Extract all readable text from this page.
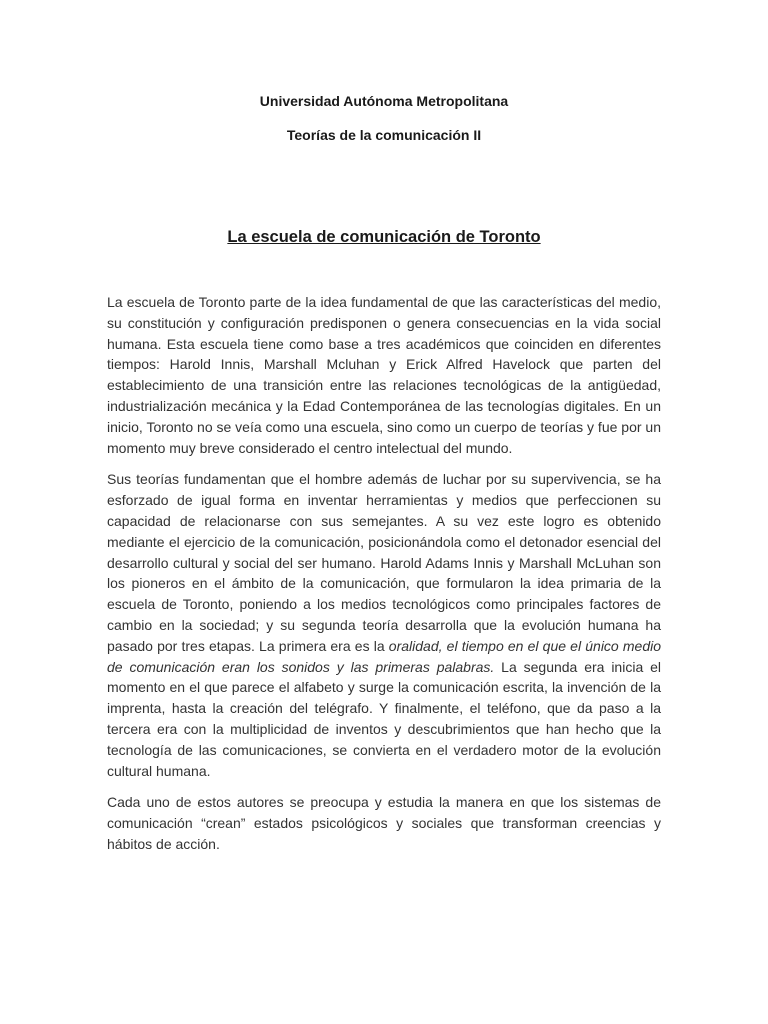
Universidad Autónoma Metropolitana
Teorías de la comunicación II
La escuela de comunicación de Toronto

La escuela de Toronto parte de la idea fundamental de que las características del medio, su constitución y configuración predisponen o genera consecuencias en la vida social humana. Esta escuela tiene como base a tres académicos que coinciden en diferentes tiempos: Harold Innis, Marshall Mcluhan y Erick Alfred Havelock que parten del establecimiento de una transición entre las relaciones tecnológicas de la antigüedad, industrialización mecánica y la Edad Contemporánea de las tecnologías digitales. En un inicio, Toronto no se veía como una escuela, sino como un cuerpo de teorías y fue por un momento muy breve considerado el centro intelectual del mundo.

Sus teorías fundamentan que el hombre además de luchar por su supervivencia, se ha esforzado de igual forma en inventar herramientas y medios que perfeccionen su capacidad de relacionarse con sus semejantes. A su vez este logro es obtenido mediante el ejercicio de la comunicación, posicionándola como el detonador esencial del desarrollo cultural y social del ser humano. Harold Adams Innis y Marshall McLuhan son los pioneros en el ámbito de la comunicación, que formularon la idea primaria de la escuela de Toronto, poniendo a los medios tecnológicos como principales factores de cambio en la sociedad; y su segunda teoría desarrolla que la evolución humana ha pasado por tres etapas. La primera era es la oralidad, el tiempo en el que el único medio de comunicación eran los sonidos y las primeras palabras. La segunda era inicia el momento en el que parece el alfabeto y surge la comunicación escrita, la invención de la imprenta, hasta la creación del telégrafo. Y finalmente, el teléfono, que da paso a la tercera era con la multiplicidad de inventos y descubrimientos que han hecho que la tecnología de las comunicaciones, se convierta en el verdadero motor de la evolución cultural humana.

Cada uno de estos autores se preocupa y estudia la manera en que los sistemas de comunicación “crean” estados psicológicos y sociales que transforman creencias y hábitos de acción.
